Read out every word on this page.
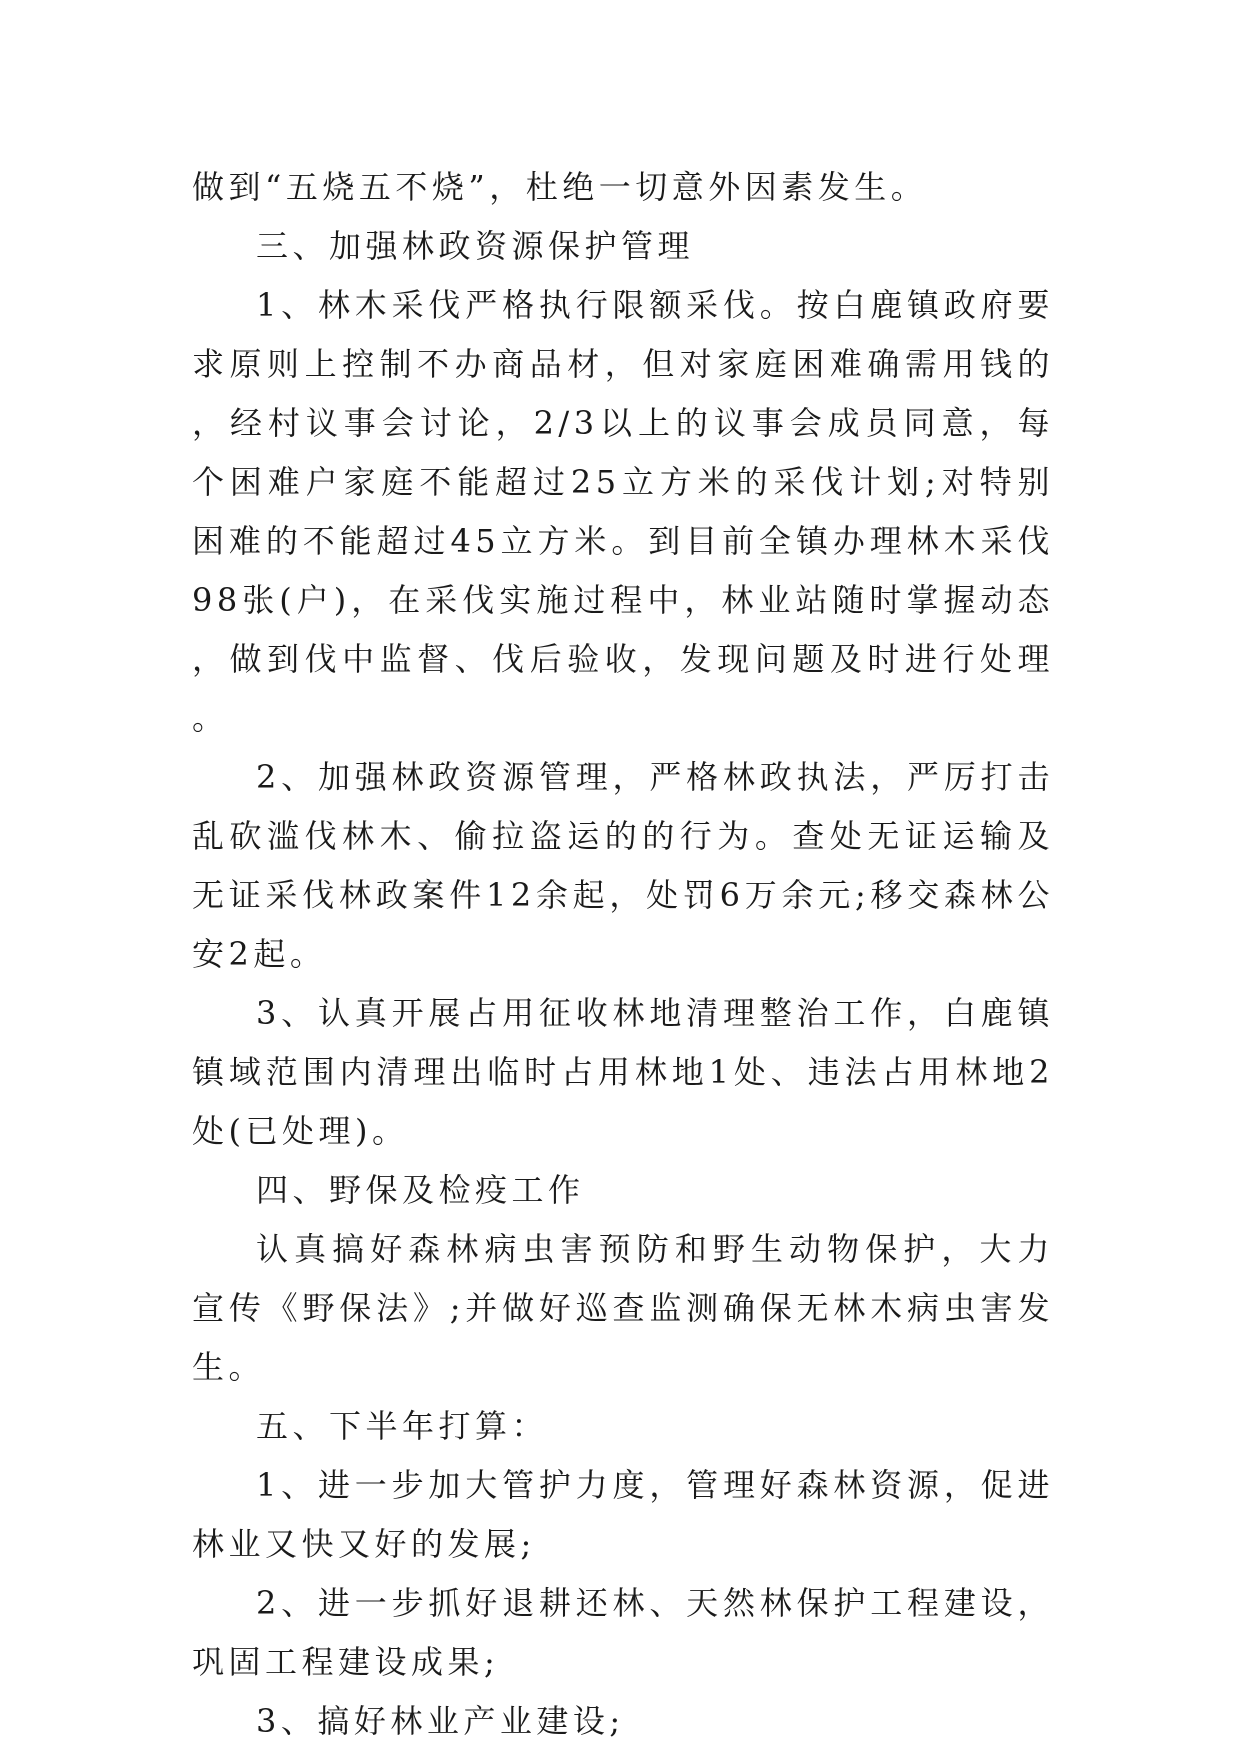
做到“五烧五不烧”，杜绝一切意外因素发生。

三、加强林政资源保护管理

1、林木采伐严格执行限额采伐。按白鹿镇政府要求原则上控制不办商品材，但对家庭困难确需用钱的，经村议事会讨论，2/3以上的议事会成员同意，每个困难户家庭不能超过25立方米的采伐计划;对特别困难的不能超过45立方米。到目前全镇办理林木采伐98张(户)，在采伐实施过程中，林业站随时掌握动态，做到伐中监督、伐后验收，发现问题及时进行处理。

2、加强林政资源管理，严格林政执法，严厉打击乱砍滥伐林木、偷拉盗运的的行为。查处无证运输及无证采伐林政案件12余起，处罚6万余元;移交森林公安2起。

3、认真开展占用征收林地清理整治工作，白鹿镇镇域范围内清理出临时占用林地1处、违法占用林地2处(已处理)。

四、野保及检疫工作

认真搞好森林病虫害预防和野生动物保护，大力宣传《野保法》;并做好巡查监测确保无林木病虫害发生。

五、下半年打算：

1、进一步加大管护力度，管理好森林资源，促进林业又快又好的发展;

2、进一步抓好退耕还林、天然林保护工程建设，巩固工程建设成果;

3、搞好林业产业建设;
